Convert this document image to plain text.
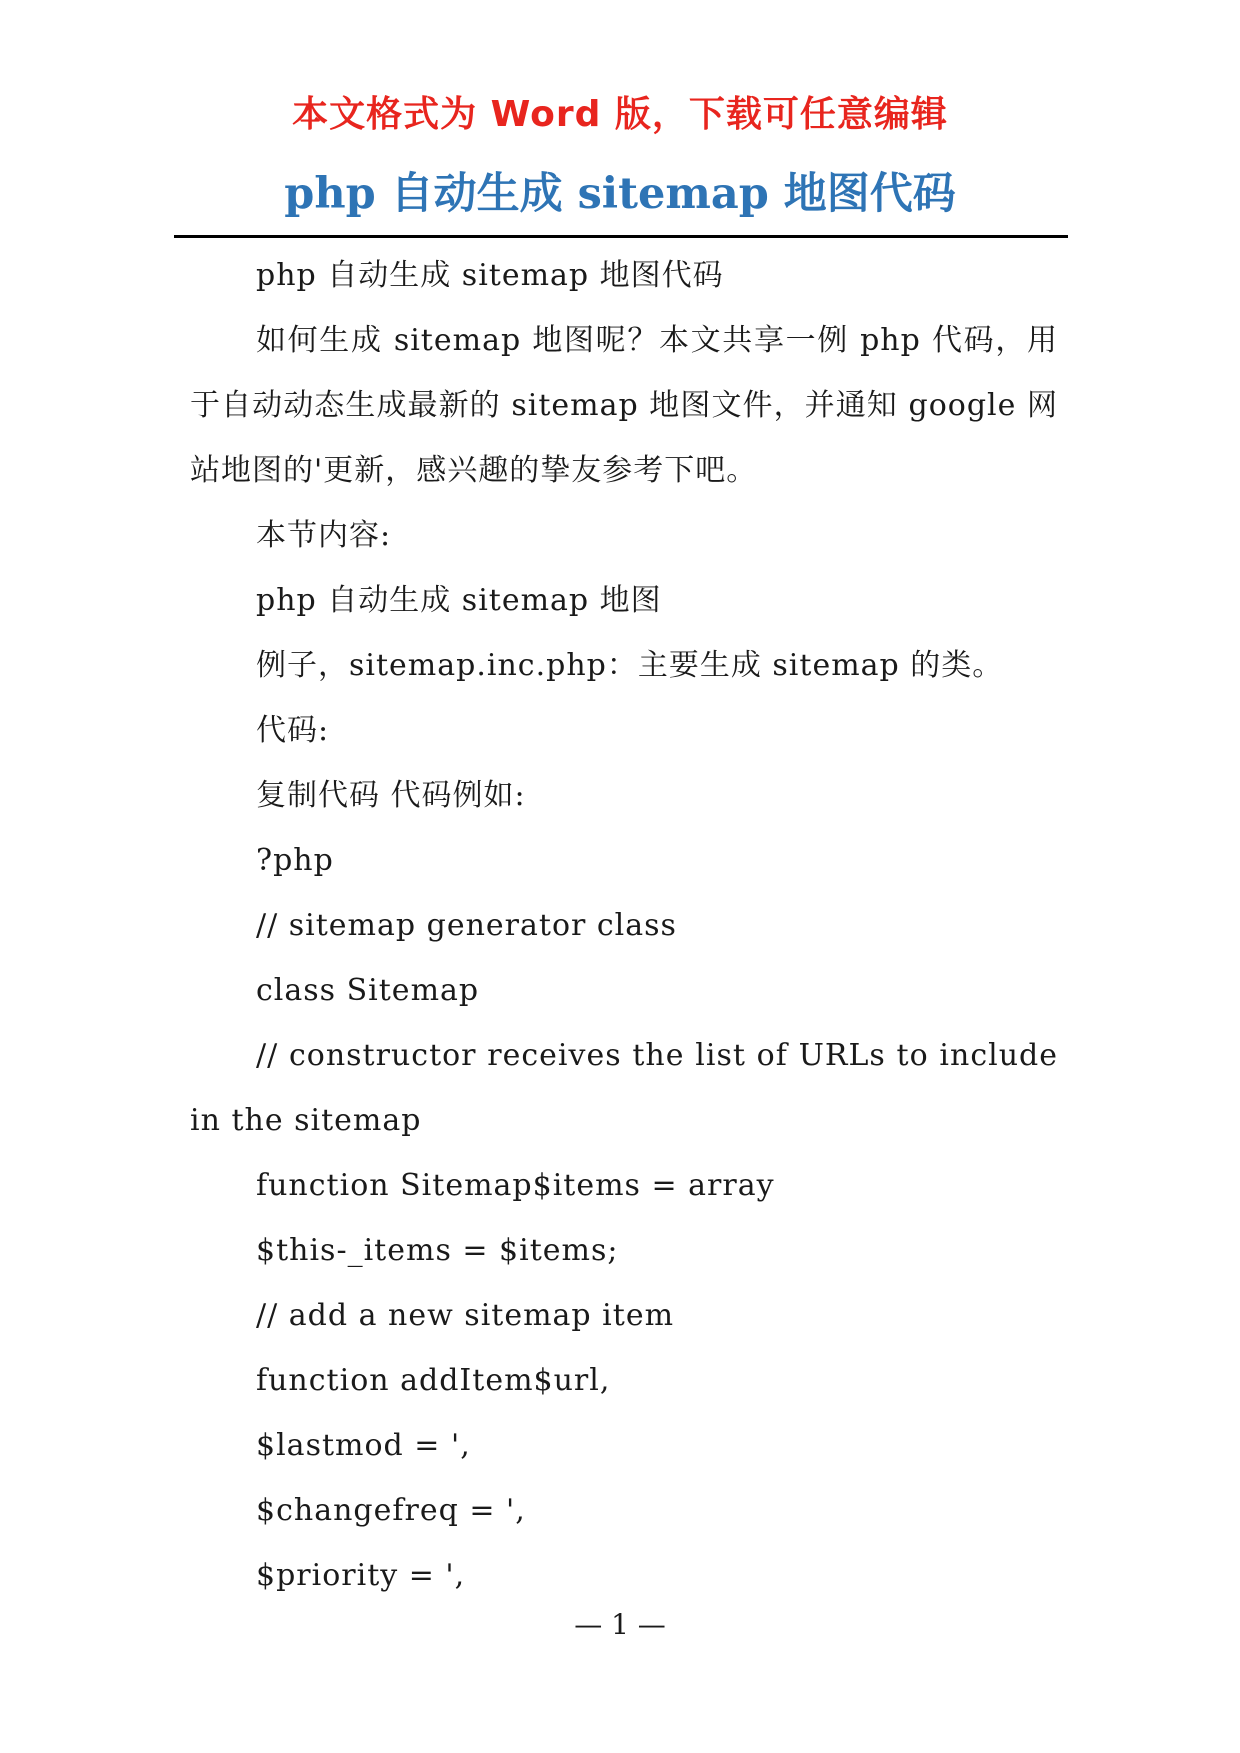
本文格式为 Word 版，下载可任意编辑
php 自动生成 sitemap 地图代码

php 自动生成 sitemap 地图代码

如何生成 sitemap 地图呢？本文共享一例 php 代码，用于自动动态生成最新的 sitemap 地图文件，并通知 google 网站地图的'更新，感兴趣的挚友参考下吧。

本节内容:

php 自动生成 sitemap 地图

例子，sitemap.inc.php：主要生成 sitemap 的类。

代码:

复制代码 代码例如:

?php

// sitemap generator class

class Sitemap

// constructor receives the list of URLs to include in the sitemap

function Sitemap$items = array

$this-_items = $items;

// add a new sitemap item

function addItem$url,

$lastmod = ',

$changefreq = ',

$priority = ',

— 1 —
